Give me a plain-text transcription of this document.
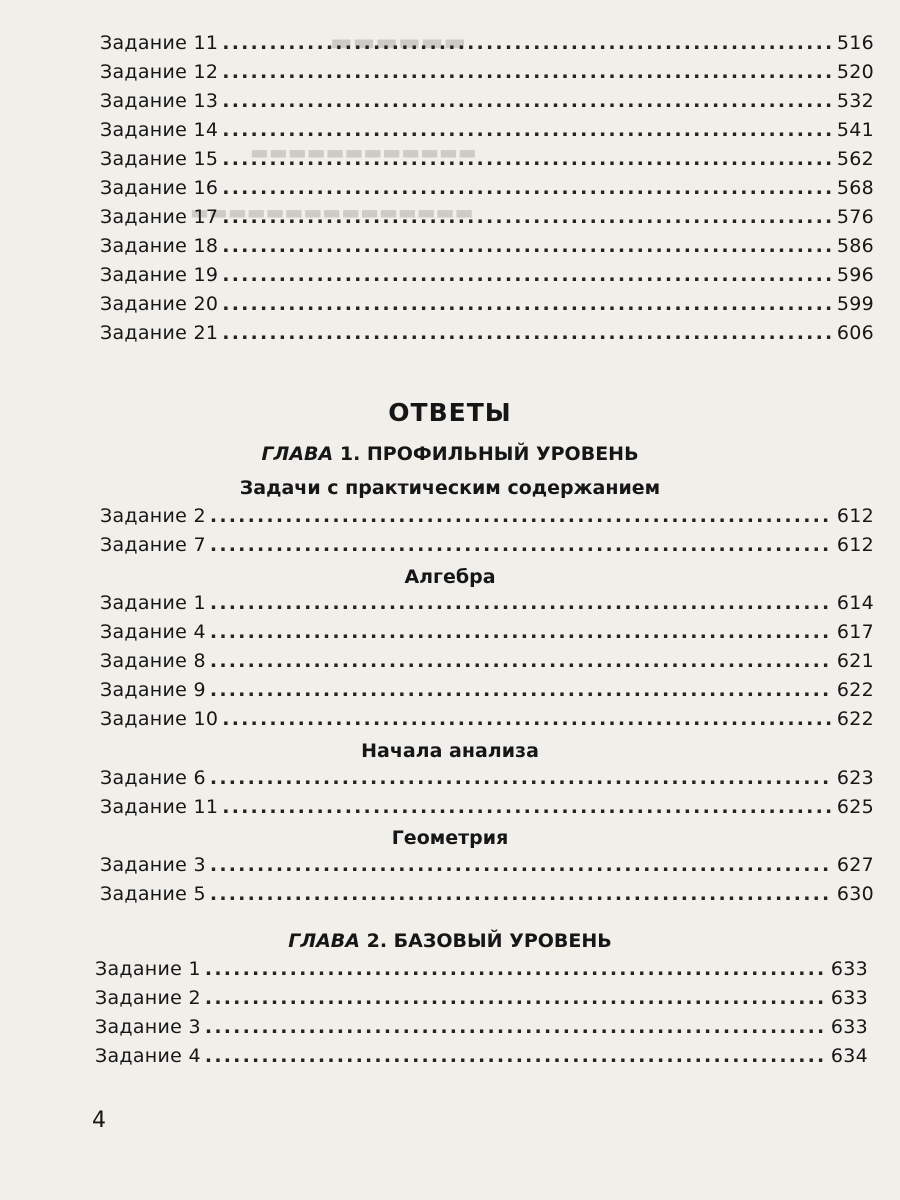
▬▬▬▬▬▬
▬▬▬▬▬▬▬▬▬▬▬▬
▬▬▬▬▬▬▬▬▬▬▬▬▬▬▬
Задание 11 .....	516
Задание 12 .....	520
Задание 13 .....	532
Задание 14 .....	541
Задание 15 .....	562
Задание 16 .....	568
Задание 17 .....	576
Задание 18 .....	586
Задание 19 .....	596
Задание 20 .....	599
Задание 21 .....	606
ОТВЕТЫ
ГЛАВА 1. ПРОФИЛЬНЫЙ УРОВЕНЬ
Задачи с практическим содержанием
Задание 2 .....	612
Задание 7 .....	612
Алгебра
Задание 1 .....	614
Задание 4 .....	617
Задание 8 .....	621
Задание 9 .....	622
Задание 10 .....	622
Начала анализа
Задание 6 .....	623
Задание 11 .....	625
Геометрия
Задание 3 .....	627
Задание 5 .....	630
ГЛАВА 2. БАЗОВЫЙ УРОВЕНЬ
Задание 1 .....	633
Задание 2 .....	633
Задание 3 .....	633
Задание 4 .....	634
4
